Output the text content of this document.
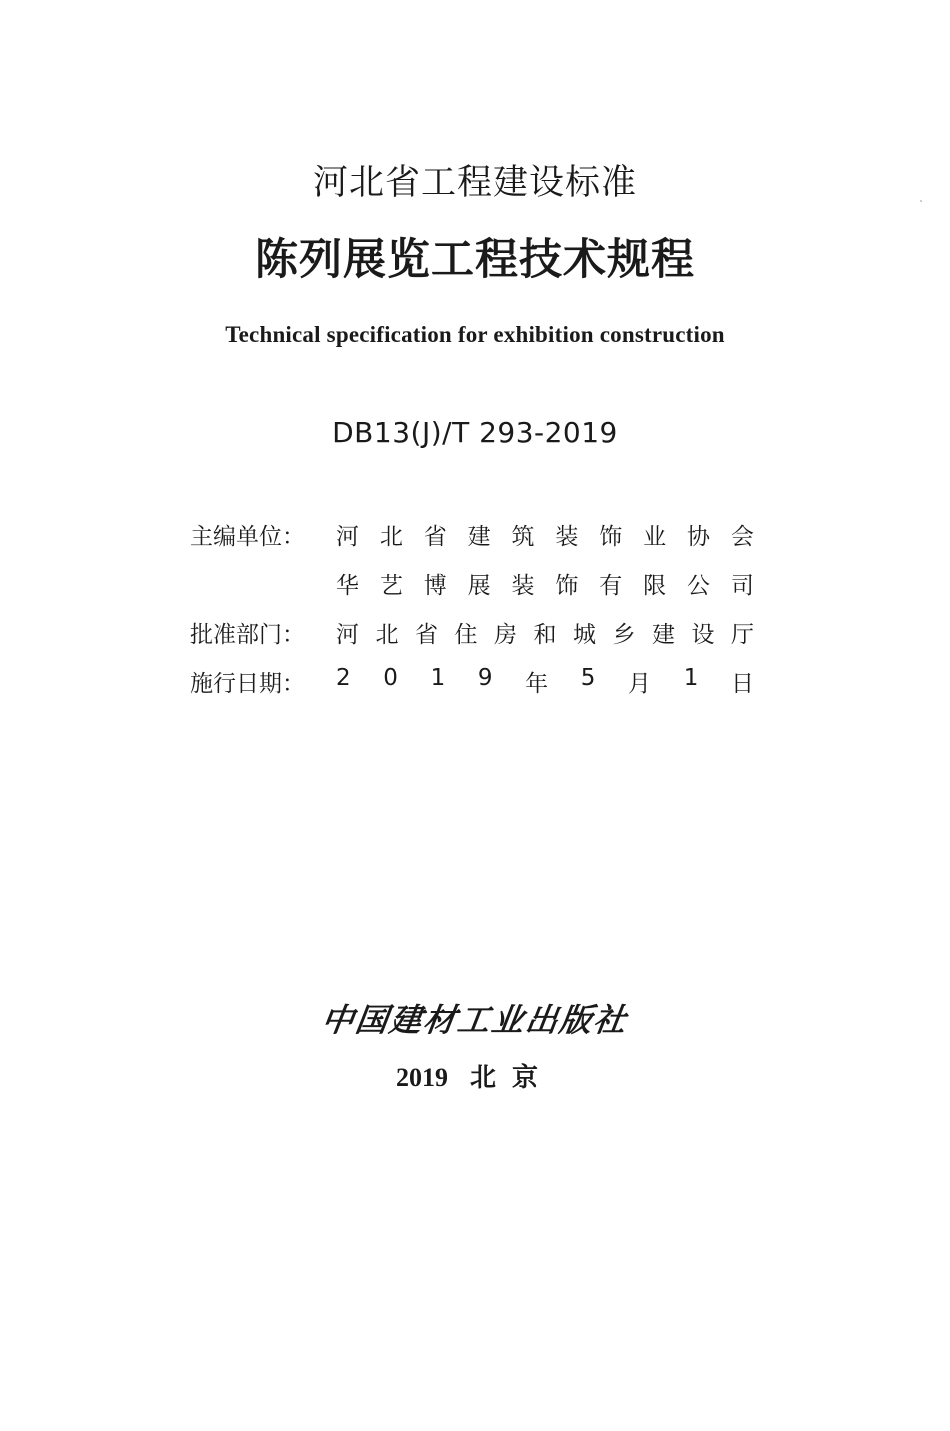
河北省工程建设标准
陈列展览工程技术规程
Technical specification for exhibition construction
DB13(J)/T 293-2019
主编单位：	河 北 省 建 筑 装 饰 业 协 会
华 艺 博 展 装 饰 有 限 公 司
批准部门：	河 北 省 住 房 和 城 乡 建 设 厅
施行日期：	2 0 1 9 年 5 月 1 日
中国建材工业出版社
2019 北京
